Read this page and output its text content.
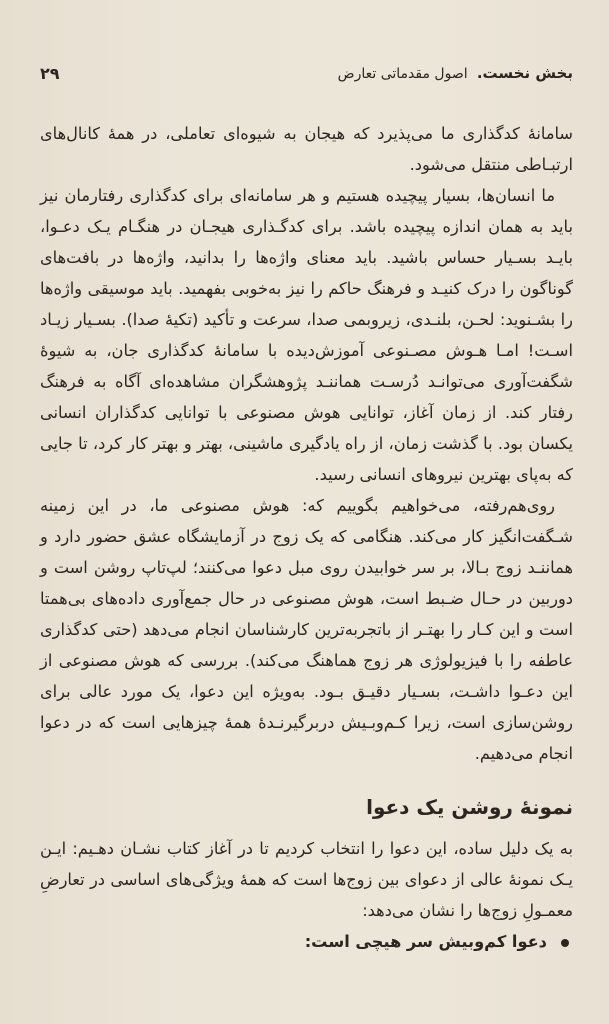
بخش نخست. اصول مقدماتی تعارض
۲۹

سامانهٔ کدگذاری ما می‌پذیرد که هیجان به شیوه‌ای تعاملی، در همهٔ کانال‌های ارتبـاطی منتقل می‌شود.

ما انسان‌ها، بسیار پیچیده هستیم و هر سامانه‌ای برای کدگذاری رفتارمان نیز باید به همان اندازه پیچیده باشد. برای کدگـذاری هیجـان در هنگـام یـک دعـوا، بایـد بسـیار حساس باشید. باید معنای واژه‌ها را بدانید، واژه‌ها در بافت‌های گوناگون را درک کنیـد و فرهنگ حاکم را نیز به‌خوبی بفهمید. باید موسیقی واژه‌ها را بشـنوید: لحـن، بلنـدی، زیروبمی صدا، سرعت و تأکید (تکیهٔ صدا). بسـیار زیـاد اسـت! امـا هـوش مصـنوعی آموزش‌دیده با سامانهٔ کدگذاری جان، به شیوهٔ شگفت‌آوری می‌توانـد دُرسـت هماننـد پژوهشگران مشاهده‌ای آگاه به فرهنگ رفتار کند. از زمان آغاز، توانایی هوش مصنوعی با توانایی کدگذاران انسانی یکسان بود. با گذشت زمان، از راه یادگیری ماشینی، بهتر و بهتر کار کرد، تا جایی که به‌پای بهترین نیروهای انسانی رسید.

روی‌هم‌رفته، می‌خواهیم بگوییم که: هوش مصنوعی ما، در این زمینه شـگفت‌انگیز کار می‌کند. هنگامی که یک زوج در آزمایشگاه عشق حضور دارد و هماننـد زوج بـالا، بر سر خوابیدن روی مبل دعوا می‌کنند؛ لپ‌تاپ روشن است و دوربین در حـال ضـبط است، هوش مصنوعی در حال جمع‌آوری داده‌های بی‌همتا است و این کـار را بهتـر از باتجربه‌ترین کارشناسان انجام می‌دهد (حتی کدگذاری عاطفه را با فیزیولوژی هر زوج هماهنگ می‌کند). بررسی که هوش مصنوعی از این دعـوا داشـت، بسـیار دقیـق بـود. به‌ویژه این دعوا، یک مورد عالی برای روشن‌سازی است، زیرا کـم‌وبـیش دربرگیرنـدهٔ همهٔ چیزهایی است که در دعوا انجام می‌دهیم.

نمونهٔ روشن یک دعوا

به یک دلیل ساده، این دعوا را انتخاب کردیم تا در آغاز کتاب نشـان دهـیم: ایـن یـک نمونهٔ عالی از دعوای بین زوج‌ها است که همهٔ ویژگی‌های اساسی در تعارضِ معمـولِ زوج‌ها را نشان می‌دهد:

دعوا کم‌وبیش سر هیچی است:
